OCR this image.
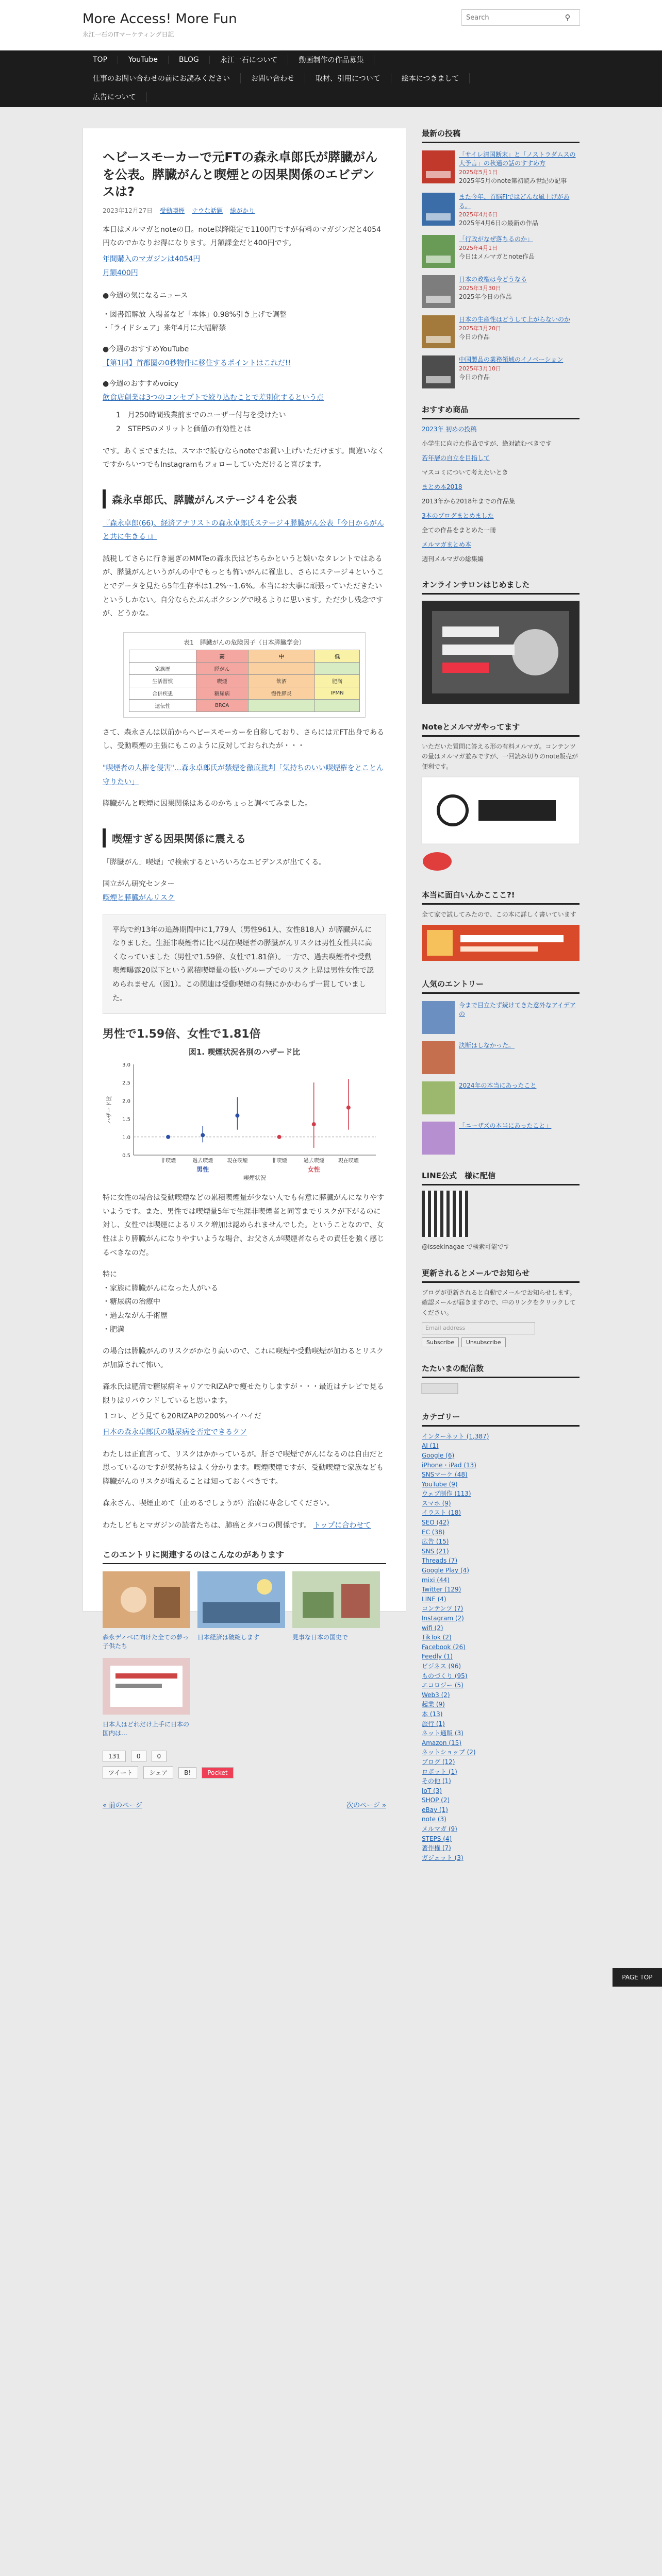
More Access! More Fun
永江一石のITマーケティング日記
Search
⚲
TOP	YouTube	BLOG	永江一石について	動画制作の作品募集
仕事のお問い合わせの前にお読みください	お問い合わせ	取材、引用について	絵本につきまして
広告について
ヘビースモーカーで元FTの森永卓郎氏が膵臓がんを公表。膵臓がんと喫煙との因果関係のエビデンスは?
2023年12月27日 受動喫煙 ナウな話題 総がかり

本日はメルマガとnoteの日。note以降限定で1100円ですが有料のマガジンだと4054円なのでかなりお得になります。月額課金だと400円です。

年間購入のマガジンは4054円
月額400円

●今週の気になるニュース

・図書館解放 入場者など「本体」0.98%引き上げで調整

・「ライドシェア」来年4月に大幅解禁

●今週のおすすめYouTube

【第1回】首都圏の0秒物件に移住するポイントはこれだ!!

●今週のおすすめvoicy

飲食店創業は3つのコンセプトで絞り込むことで差別化するという点

1　月250時間残業前までのユーザー付与を受けたい
2　STEPSのメリットと価値の有効性とは

です。あくまでまたは、スマホで読むならnoteでお買い上げいただけます。間違いなくですからいつでもInstagramもフォローしていただけると喜びます。

森永卓郎氏、膵臓がんステージ４を公表

『森永卓郎(66)、経済アナリストの森永卓郎氏ステージ４膵臓がん公表「今日からがんと共に生きる」』

減税してさらに行き過ぎのMMTeの森永氏はどちらかというと嫌いなタレントではあるが、膵臓がんというがんの中でもっとも怖いがんに罹患し、さらにステージ４ということでデータを見たら5年生存率は1.2%〜1.6%。本当にお大事に頑張っていただきたいというしかない。自分ならたぶんボクシングで殴るよりに思います。ただ少し残念ですが、どうかな。

表1　膵臓がんの危険因子（日本膵臓学会）
	高	中	低
家族歴	膵がん		
生活習慣	喫煙	飲酒	肥満
合併疾患	糖尿病	慢性膵炎	IPMN
遺伝性	BRCA		

さて、森永さんは以前からヘビースモーカーを自称しており、さらには元FT出身であるし、受動喫煙の主張にもこのように反対しておられたが・・・

"喫煙者の人権を侵害"…森永卓郎氏が禁煙を徹底批判「気持ちのいい喫煙権をとことん守りたい」

膵臓がんと喫煙に因果関係はあるのかちょっと調べてみました。

喫煙すぎる因果関係に震える

「膵臓がん」喫煙」で検索するといろいろなエビデンスが出てくる。

国立がん研究センター
喫煙と膵臓がんリスク

平均で約13年の追跡期間中に1,779人（男性961人、女性818人）が膵臓がんになりました。生涯非喫煙者に比べ現在喫煙者の膵臓がんリスクは男性女性共に高くなっていました（男性で1.59倍、女性で1.81倍）。一方で、過去喫煙者や受動喫煙曝露20以下という累積喫煙量の低いグループでのリスク上昇は男性女性で認められません（図1）。この関連は受動喫煙の有無にかかわらず一貫していました。
男性で1.59倍、女性で1.81倍
図1. 喫煙状況各別のハザード比
0.5
1.0
1.5
2.0
2.5
3.0
ハザード比
非喫煙	過去喫煙	現在喫煙
男性
非喫煙	過去喫煙	現在喫煙
女性
喫煙状況

特に女性の場合は受動喫煙などの累積喫煙量が少ない人でも有意に膵臓がんになりやすいようです。また、男性では喫煙量5年で生涯非喫煙者と同等までリスクが下がるのに対し、女性では喫煙によるリスク増加は認められませんでした。ということなので、女性はより膵臓がんになりやすいような場合、お父さんが喫煙者ならその責任を強く感じるべきなのだ。

特に
・家族に膵臓がんになった人がいる
・糖尿病の治療中
・過去ながん手術歴
・肥満

の場合は膵臓がんのリスクがかなり高いので、これに喫煙や受動喫煙が加わるとリスクが加算されて怖い。

森永氏は肥満で糖尿病キャリアでRIZAPで痩せたりしますが・・・最近はテレビで見る限りはリバウンドしていると思います。

１コレ、どう見ても20RIZAPの200%ハイハイだ

日本の森永卓郎氏の糖尿病を否定できるクソ

わたしは正直言って、リスクはかかっているが。肝さで喫煙でがんになるのは自由だと思っているのですが気持ちはよく分かります。喫煙喫煙ですが、受動喫煙で家族なども膵臓がんのリスクが増えることは知っておくべきです。

森永さん、喫煙止めて（止めるでしょうが）治療に専念してください。

わたしどもとマガジンの読者たちは、肺癌とタバコの関係です。 トップに合わせて

このエントリに関連するのはこんなのがあります
森永ディベに向けた全ての夢っ子供たち
日本経済は破綻します	見事な日本の国史で
日本人はどれだけ上手に日本の国内は…
131	0	0
ツイート	シェア	B!	Pocket
« 前のページ	次のページ »
最新の投稿
「サイレ清国断末」と「ノストラダムスの大予言」の秋通の話のすすめ方
2025年5月1日
2025年5月のnote第初読み世紀の記事
また今年、首脳FIではどんな風上げがある。
2025年4月6日
2025年4月6日の最新の作品
「行政がなぜ落ちるのか」
2025年4月1日
今日はメルマガとnote作品
日本の政権は今どうなる
2025年3月30日
2025年今日の作品
日本の生産性はどうして上がらないのか
2025年3月20日
今日の作品
中国製品の業務領域のイノベーション
2025年3月10日
今日の作品
おすすめ商品
2023年 初めの投稿
小学生に向けた作品ですが、絶対読むべきです
若年層の自立を目指して
マスコミについて考えたいとき
まとめ本2018
2013年から2018年までの作品集
3本のブログまとめました
全ての作品をまとめた一冊
メルマガまとめ本
週刊メルマガの総集編
オンラインサロンはじめました
Noteとメルマガやってます

いただいた質問に答える形の有料メルマガ。コンテンツの量はメルマガ並みですが、一回読み切りのnote販売が便利です。

本当に面白いんかこここ?!

全て家で試してみたので、この本に詳しく書いています

人気のエントリー
今まで目立たず続けてきた意外なアイデアの
決断はしなかった。
2024年の本当にあったこと
「ニーザズの本当にあったこと」
LINE公式　様に配信

@issekinagae で検索可能です

更新されるとメールでお知らせ

ブログが更新されると自動でメールでお知らせします。確認メールが届きますので、中のリンクをクリックしてください。

Email address
Subscribe Unsubscribe
たたいまの配信数
カテゴリー
インターネット (1,387)
AI (1)
Google (6)
iPhone・iPad (13)
SNSマーケ (48)
YouTube (9)
ウェブ制作 (113)
スマホ (9)
イラスト (18)
SEO (42)
EC (38)
広告 (15)
SNS (21)
Threads (7)
Google Play (4)
mixi (44)
Twitter (129)
LINE (4)
コンテンツ (7)
Instagram (2)
wifi (2)
TikTok (2)
Facebook (26)
Feedly (1)
ビジネス (96)
ものづくり (95)
エコロジー (5)
Web3 (2)
起業 (9)
本 (13)
旅行 (1)
ネット通販 (3)
Amazon (15)
ネットショップ (2)
ブログ (12)
ロボット (1)
その他 (1)
IoT (3)
SHOP (2)
eBay (1)
note (3)
メルマガ (9)
STEPS (4)
著作権 (7)
ガジェット (3)
PAGE TOP
